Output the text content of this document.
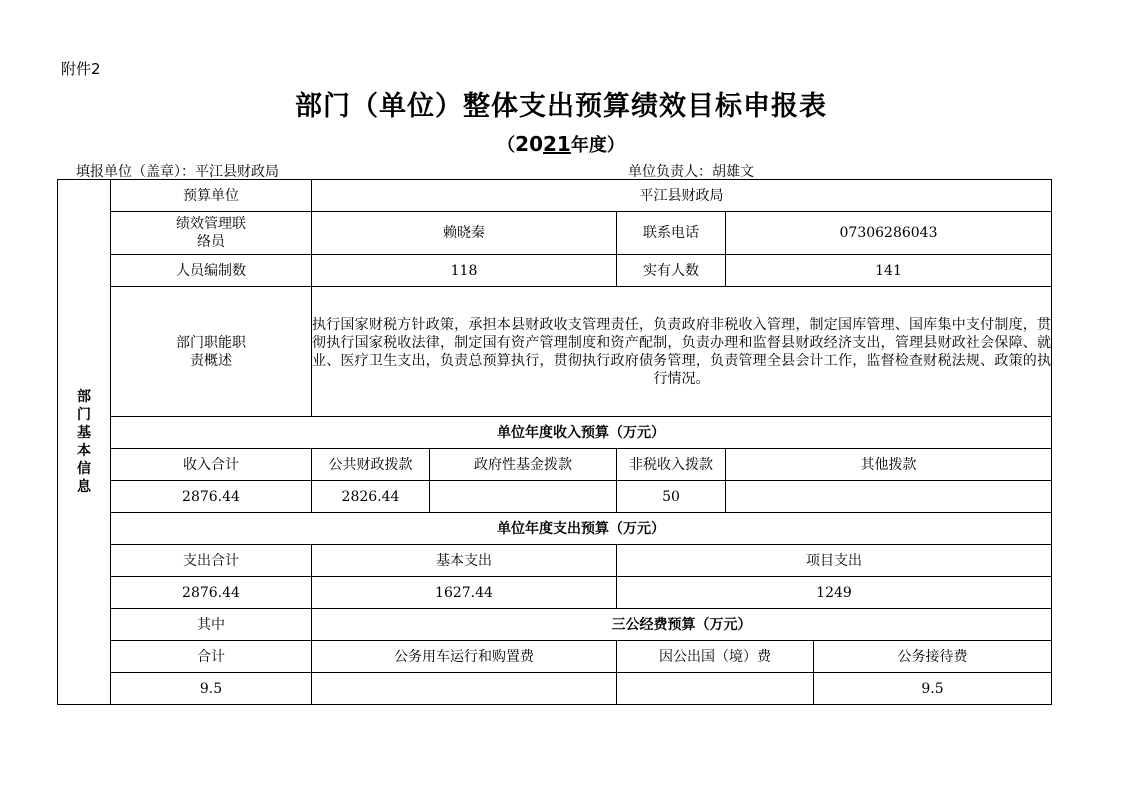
附件2
部门（单位）整体支出预算绩效目标申报表
（2021年度）
填报单位（盖章）：平江县财政局	单位负责人：胡雄文
部门基本信息	预算单位	平江县财政局				

	绩效管理联络员	赖晓秦		联系电话	07306286043	
	人员编制数	118		实有人数	141	

	部门职能职责概述	执行国家财税方针政策，承担本县财政收支管理责任，负责政府非税收入管理，制定国库管理、国库集中支付制度，贯彻执行国家税收法律，制定国有资产管理制度和资产配制，负责办理和监督县财政经济支出，管理县财政社会保障、就业、医疗卫生支出，负责总预算执行，贯彻执行政府债务管理，负责管理全县会计工作，监督检查财税法规、政策的执行情况。				

	单位年度收入预算（万元）					
	收入合计	公共财政拨款	政府性基金拨款	非税收入拨款	其他拨款	
	2876.44	2826.44		50		
	单位年度支出预算（万元）					
	支出合计	基本支出		项目支出		
	2876.44	1627.44		1249		
	其中	三公经费预算（万元）				
	合计	公务用车运行和购置费		因公出国（境）费		公务接待费
	9.5					9.5
